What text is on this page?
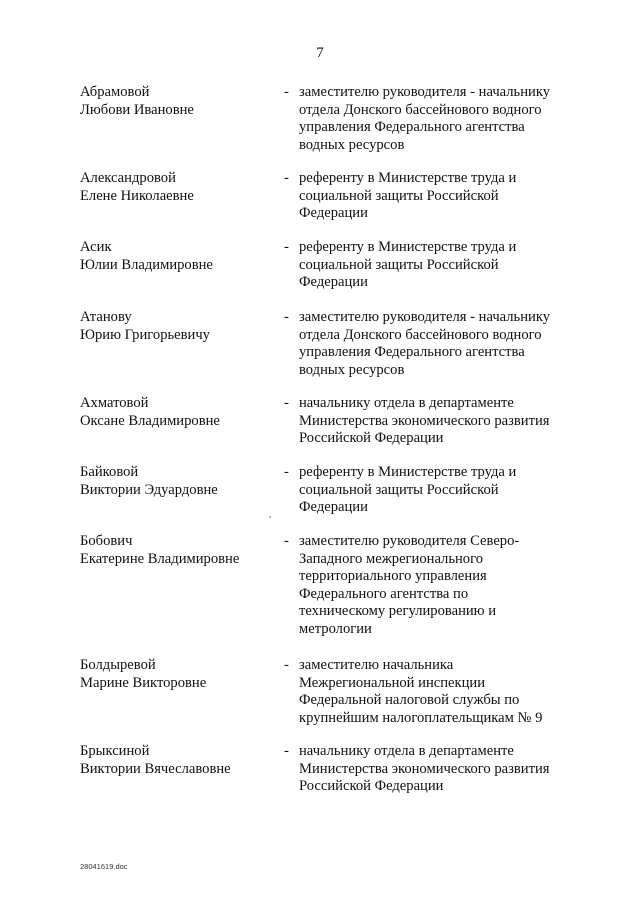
7
Абрамовой
Любови Ивановне
- заместителю руководителя - начальнику
отдела Донского бассейнового водного
управления Федерального агентства
водных ресурсов
Александровой
Елене Николаевне
- референту в Министерстве труда и
социальной защиты Российской
Федерации
Асик
Юлии Владимировне
- референту в Министерстве труда и
социальной защиты Российской
Федерации
Атанову
Юрию Григорьевичу
- заместителю руководителя - начальнику
отдела Донского бассейнового водного
управления Федерального агентства
водных ресурсов
Ахматовой
Оксане Владимировне
- начальнику отдела в департаменте
Министерства экономического развития
Российской Федерации
Байковой
Виктории Эдуардовне
- референту в Министерстве труда и
социальной защиты Российской
Федерации
Бобович
Екатерине Владимировне
- заместителю руководителя Северо-
Западного межрегионального
территориального управления
Федерального агентства по
техническому регулированию и
метрологии
Болдыревой
Марине Викторовне
- заместителю начальника
Межрегиональной инспекции
Федеральной налоговой службы по
крупнейшим налогоплательщикам № 9
Брыксиной
Виктории Вячеславовне
- начальнику отдела в департаменте
Министерства экономического развития
Российской Федерации
28041619.doc
